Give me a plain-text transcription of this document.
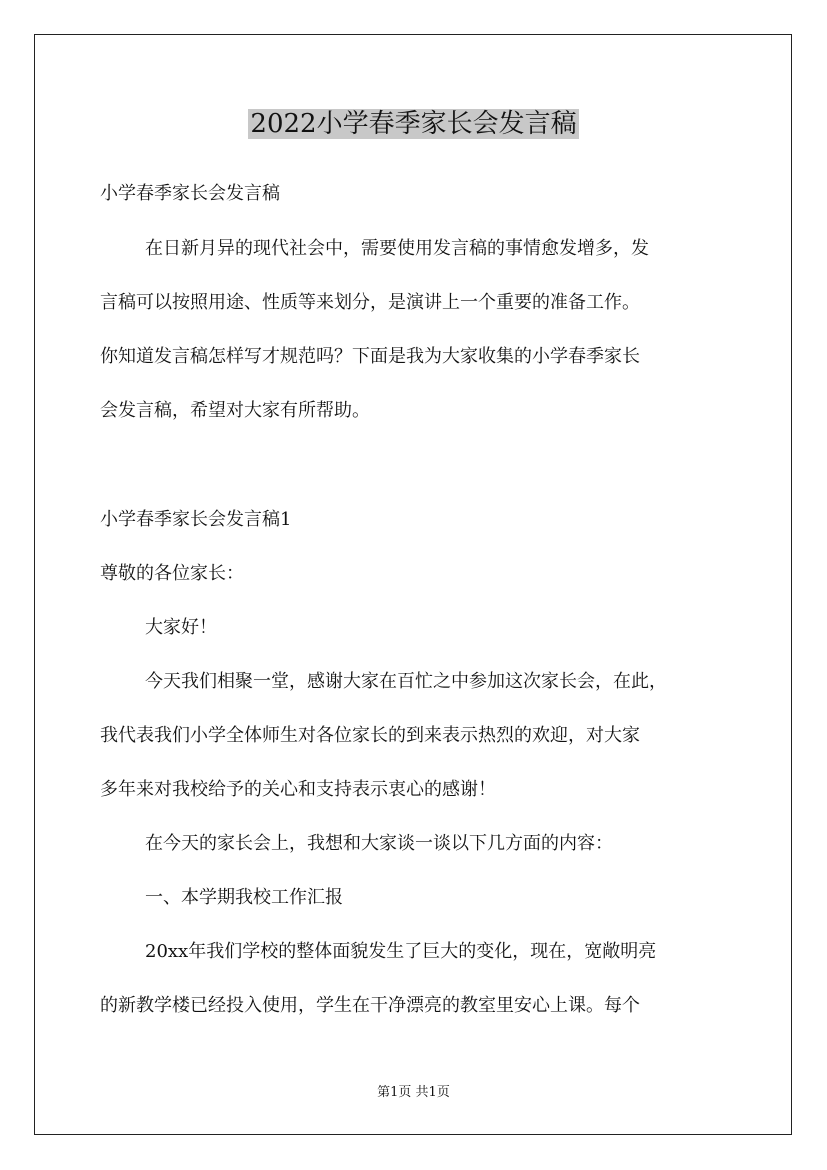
2022小学春季家长会发言稿

小学春季家长会发言稿

在日新月异的现代社会中，需要使用发言稿的事情愈发增多，发

言稿可以按照用途、性质等来划分，是演讲上一个重要的准备工作。

你知道发言稿怎样写才规范吗？下面是我为大家收集的小学春季家长

会发言稿，希望对大家有所帮助。

小学春季家长会发言稿1

尊敬的各位家长：

大家好！

今天我们相聚一堂，感谢大家在百忙之中参加这次家长会，在此，

我代表我们小学全体师生对各位家长的到来表示热烈的欢迎，对大家

多年来对我校给予的关心和支持表示衷心的感谢！

在今天的家长会上，我想和大家谈一谈以下几方面的内容：

一、本学期我校工作汇报

20xx年我们学校的整体面貌发生了巨大的变化，现在，宽敞明亮

的新教学楼已经投入使用，学生在干净漂亮的教室里安心上课。每个

第1页 共1页
